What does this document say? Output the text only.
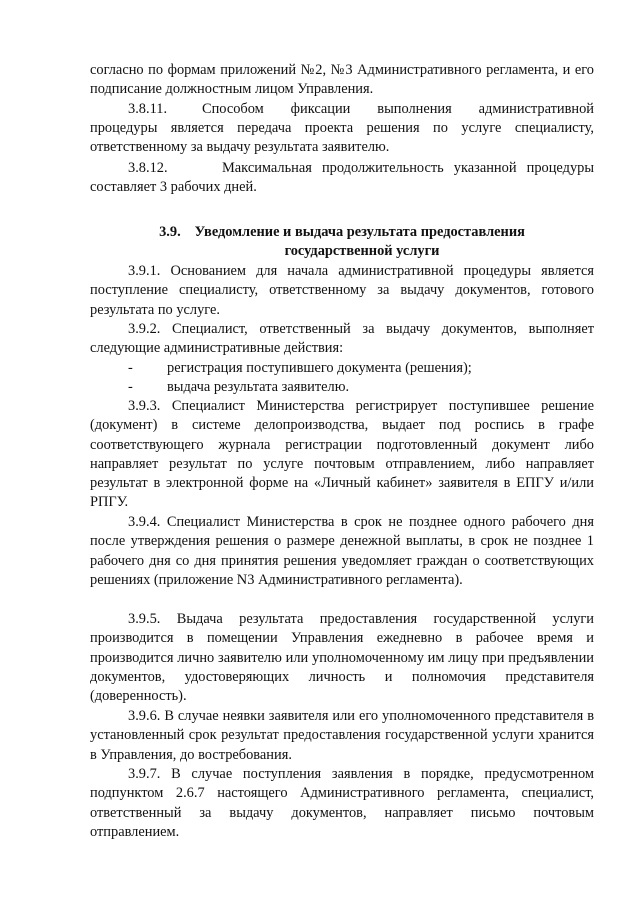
согласно по формам приложений №2, №3 Административного регламента, и его подписание должностным лицом Управления.

3.8.11. Способом фиксации выполнения административной

процедуры является передача проекта решения по услуге специалисту, ответственному за выдачу результата заявителю.

3.8.12.	Максимальная продолжительность указанной процедуры

составляет 3 рабочих дней.

3.9. Уведомление и выдача результата предоставления
государственной услуги

3.9.1. Основанием для начала административной процедуры является поступление специалисту, ответственному за выдачу документов, готового результата по услуге.

3.9.2. Специалист, ответственный за выдачу документов, выполняет следующие административные действия:

- регистрация поступившего документа (решения);
- выдача результата заявителю.

3.9.3. Специалист Министерства регистрирует поступившее решение (документ) в системе делопроизводства, выдает под роспись в графе соответствующего журнала регистрации подготовленный документ либо направляет результат по услуге почтовым отправлением, либо направляет результат в электронной форме на «Личный кабинет» заявителя в ЕПГУ и/или РПГУ.

3.9.4. Специалист Министерства в срок не позднее одного рабочего дня после утверждения решения о размере денежной выплаты, в срок не позднее 1 рабочего дня со дня принятия решения уведомляет граждан о соответствующих решениях (приложение N3 Административного регламента).

3.9.5. Выдача результата предоставления государственной услуги производится в помещении Управления ежедневно в рабочее время и производится лично заявителю или уполномоченному им лицу при предъявлении документов, удостоверяющих личность и полномочия представителя (доверенность).

3.9.6. В случае неявки заявителя или его уполномоченного представителя в установленный срок результат предоставления государственной услуги хранится в Управления, до востребования.

3.9.7. В случае поступления заявления в порядке, предусмотренном подпунктом 2.6.7 настоящего Административного регламента, специалист, ответственный за выдачу документов, направляет письмо почтовым отправлением.
